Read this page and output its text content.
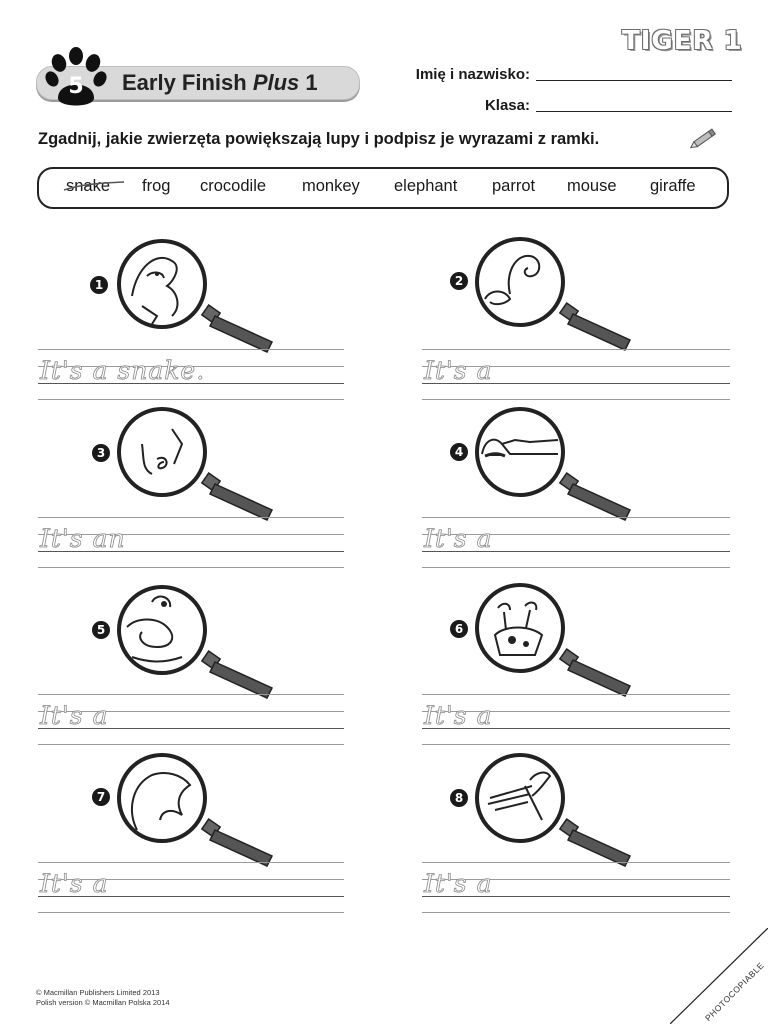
TIGER 1
5 Early Finish Plus 1	Imię i nazwisko:
Klasa:
Zgadnij, jakie zwierzęta powiększają lupy i podpisz je wyrazami z ramki.
snake frog crocodile monkey elephant parrot mouse giraffe
1
It's a snake.
3
It's an
5
It's a
7
It's a
2
It's a
4
It's a
6
It's a
8
It's a
© Macmillan Publishers Limited 2013
Polish version © Macmillan Polska 2014	PHOTOCOPIABLE
